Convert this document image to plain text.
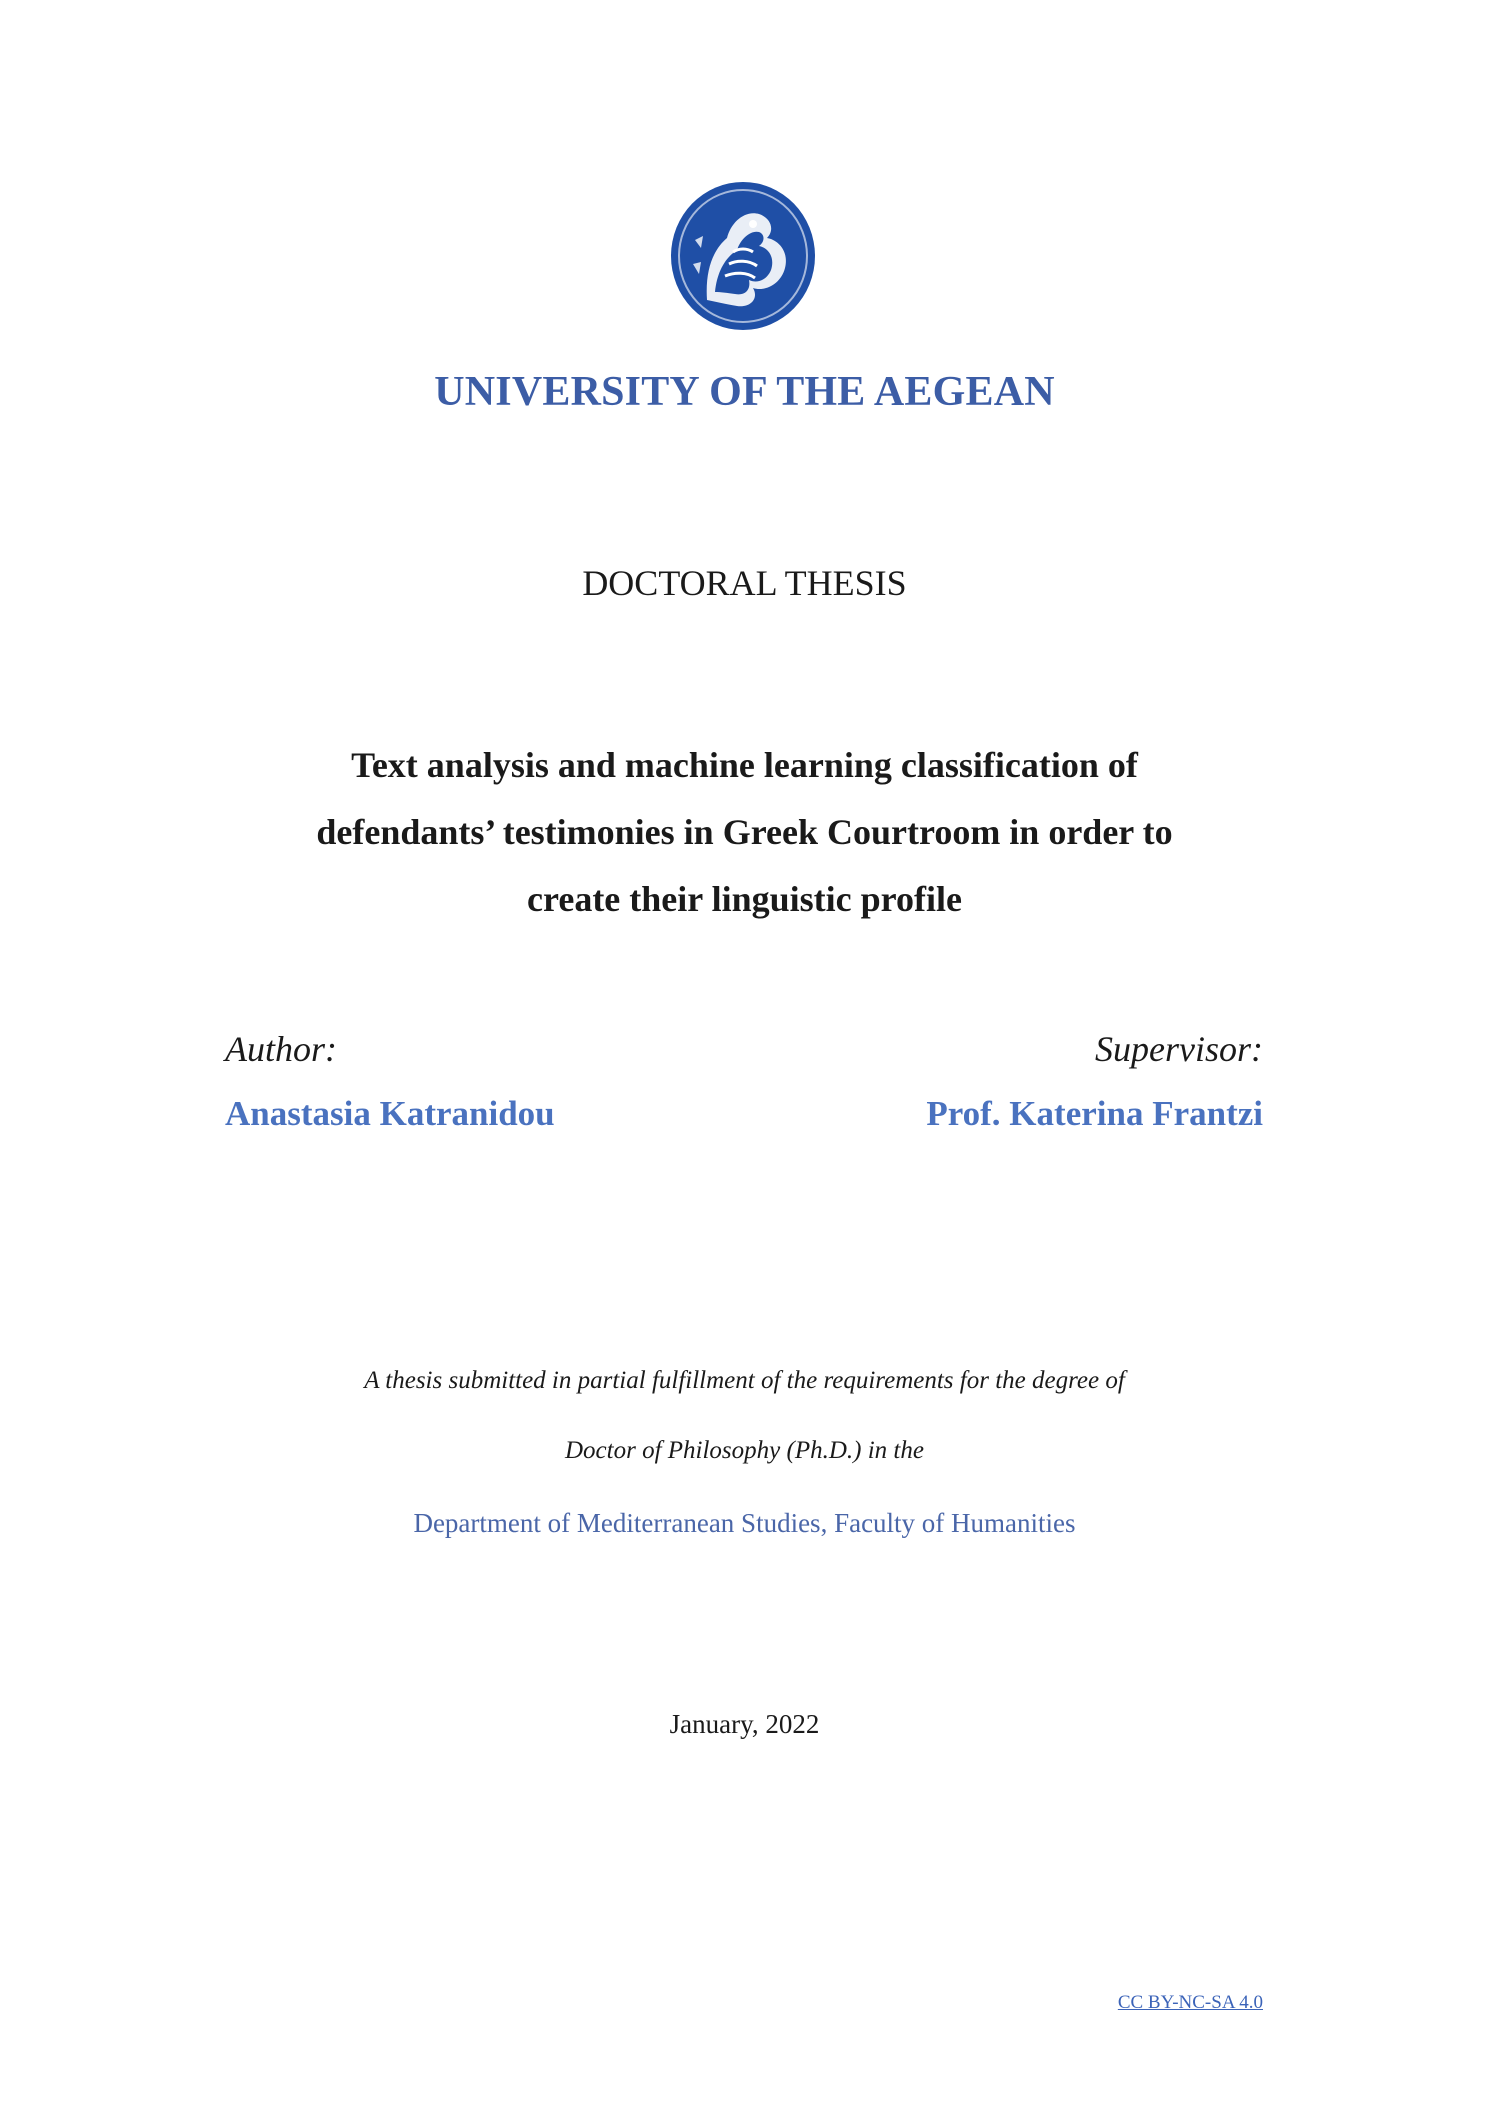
UNIVERSITY OF THE AEGEAN
DOCTORAL THESIS
Text analysis and machine learning classification of
defendants’ testimonies in Greek Courtroom in order to
create their linguistic profile
Author:	Supervisor:
Anastasia Katranidou	Prof. Katerina Frantzi
A thesis submitted in partial fulfillment of the requirements for the degree of
Doctor of Philosophy (Ph.D.) in the
Department of Mediterranean Studies, Faculty of Humanities
January, 2022
CC BY-NC-SA 4.0
